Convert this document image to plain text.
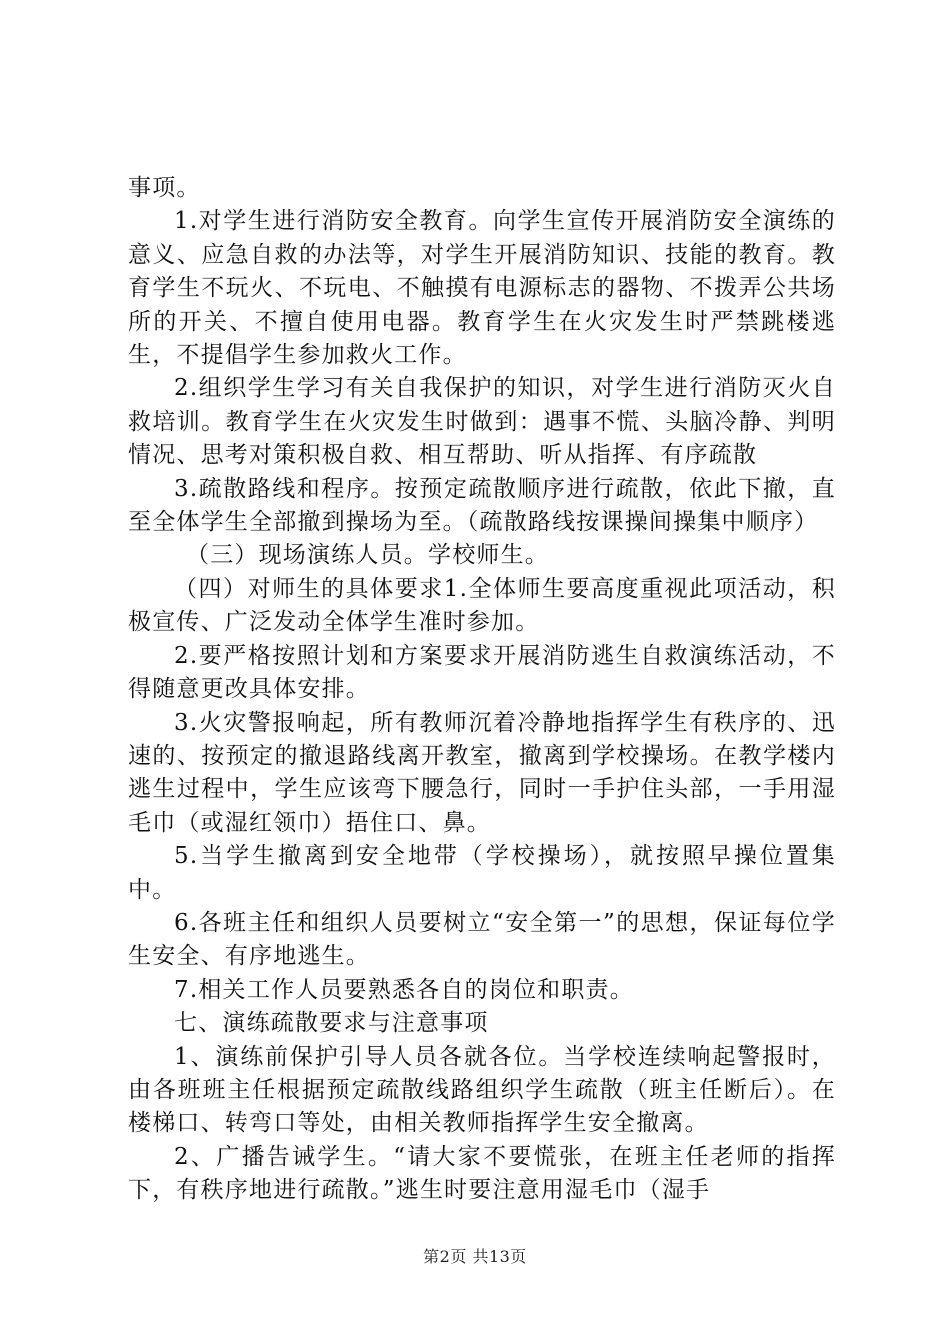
事项。

1.对学生进行消防安全教育。向学生宣传开展消防安全演练的意义、应急自救的办法等，对学生开展消防知识、技能的教育。教育学生不玩火、不玩电、不触摸有电源标志的器物、不拨弄公共场所的开关、不擅自使用电器。教育学生在火灾发生时严禁跳楼逃生，不提倡学生参加救火工作。

2.组织学生学习有关自我保护的知识，对学生进行消防灭火自救培训。教育学生在火灾发生时做到：遇事不慌、头脑冷静、判明情况、思考对策积极自救、相互帮助、听从指挥、有序疏散

3.疏散路线和程序。按预定疏散顺序进行疏散，依此下撤，直至全体学生全部撤到操场为至。（疏散路线按课操间操集中顺序）

（三）现场演练人员。学校师生。

（四）对师生的具体要求1.全体师生要高度重视此项活动，积极宣传、广泛发动全体学生准时参加。

2.要严格按照计划和方案要求开展消防逃生自救演练活动，不得随意更改具体安排。

3.火灾警报响起，所有教师沉着冷静地指挥学生有秩序的、迅速的、按预定的撤退路线离开教室，撤离到学校操场。在教学楼内逃生过程中，学生应该弯下腰急行，同时一手护住头部，一手用湿毛巾（或湿红领巾）捂住口、鼻。

5.当学生撤离到安全地带（学校操场），就按照早操位置集中。

6.各班主任和组织人员要树立“安全第一”的思想，保证每位学生安全、有序地逃生。

7.相关工作人员要熟悉各自的岗位和职责。

七、演练疏散要求与注意事项

1、演练前保护引导人员各就各位。当学校连续响起警报时，由各班班主任根据预定疏散线路组织学生疏散（班主任断后）。在楼梯口、转弯口等处，由相关教师指挥学生安全撤离。

2、广播告诫学生。“请大家不要慌张，在班主任老师的指挥下，有秩序地进行疏散。”逃生时要注意用湿毛巾（湿手

第2页 共13页
